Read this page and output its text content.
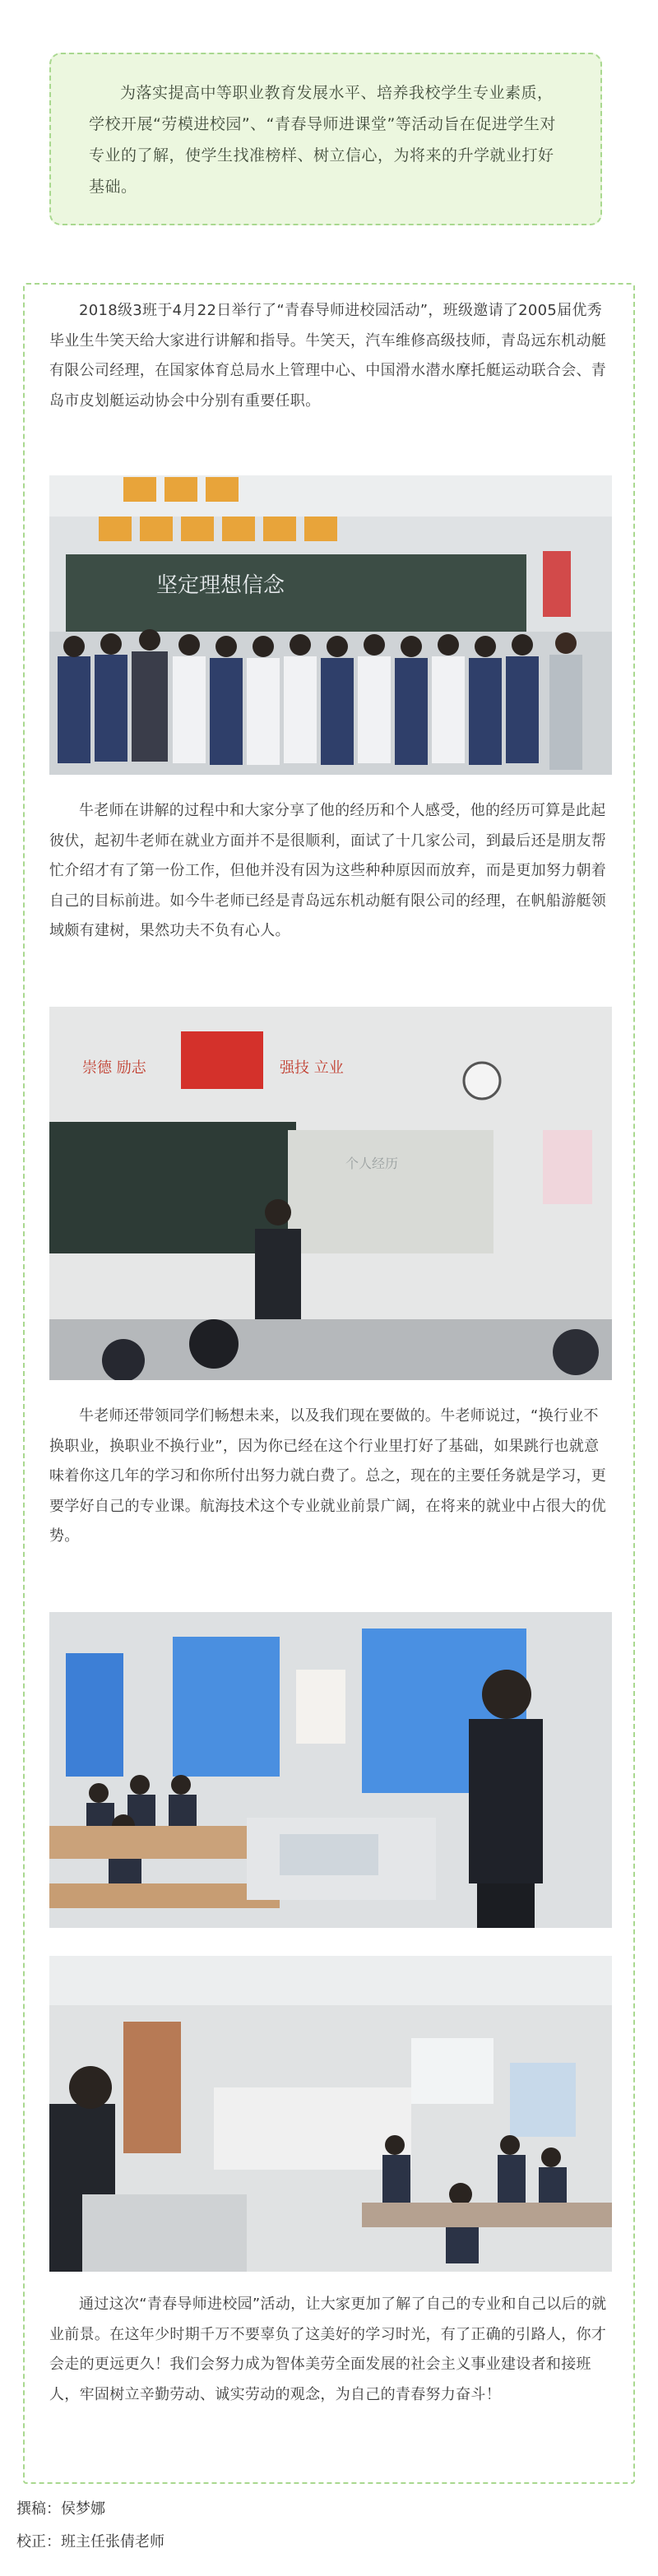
为落实提高中等职业教育发展水平、培养我校学生专业素质，学校开展“劳模进校园”、“青春导师进课堂”等活动旨在促进学生对专业的了解，使学生找准榜样、树立信心，为将来的升学就业打好基础。
2018级3班于4月22日举行了“青春导师进校园活动”，班级邀请了2005届优秀毕业生牛笑天给大家进行讲解和指导。牛笑天，汽车维修高级技师，青岛远东机动艇有限公司经理，在国家体育总局水上管理中心、中国滑水潜水摩托艇运动联合会、青岛市皮划艇运动协会中分别有重要任职。
坚定理想信念
牛老师在讲解的过程中和大家分享了他的经历和个人感受，他的经历可算是此起彼伏，起初牛老师在就业方面并不是很顺利，面试了十几家公司，到最后还是朋友帮忙介绍才有了第一份工作，但他并没有因为这些种种原因而放弃，而是更加努力朝着自己的目标前进。如今牛老师已经是青岛远东机动艇有限公司的经理，在帆船游艇领域颇有建树，果然功夫不负有心人。
崇德 励志	强技 立业
个人经历
牛老师还带领同学们畅想未来，以及我们现在要做的。牛老师说过，“换行业不换职业，换职业不换行业”，因为你已经在这个行业里打好了基础，如果跳行也就意味着你这几年的学习和你所付出努力就白费了。总之，现在的主要任务就是学习，更要学好自己的专业课。航海技术这个专业就业前景广阔，在将来的就业中占很大的优势。
通过这次“青春导师进校园”活动，让大家更加了解了自己的专业和自己以后的就业前景。在这年少时期千万不要辜负了这美好的学习时光，有了正确的引路人，你才会走的更远更久！我们会努力成为智体美劳全面发展的社会主义事业建设者和接班人，牢固树立辛勤劳动、诚实劳动的观念，为自己的青春努力奋斗！
撰稿：侯梦娜
校正：班主任张倩老师
